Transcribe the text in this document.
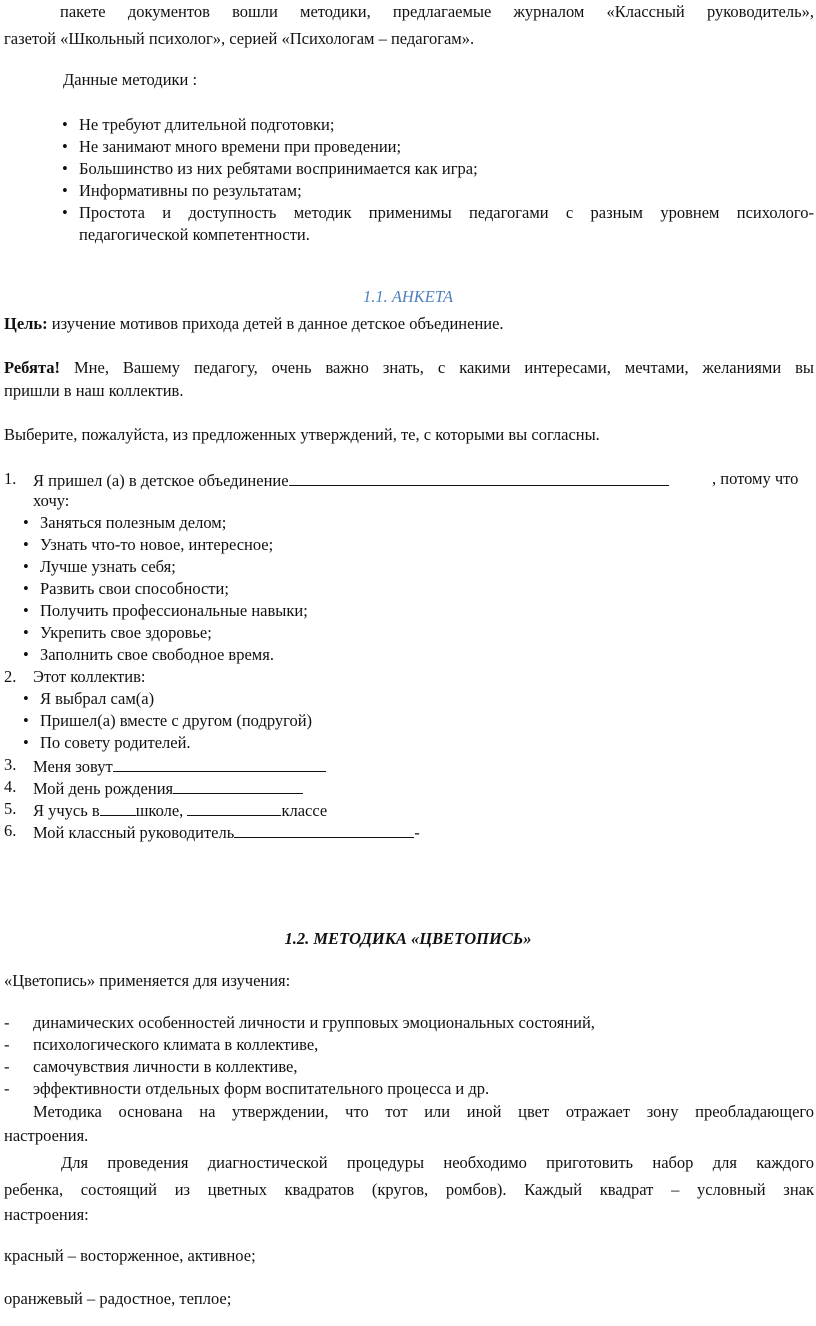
пакете документов вошли методики, предлагаемые журналом «Классный руководитель»,
газетой «Школьный психолог», серией «Психологам – педагогам».
Данные методики :
• Не требуют длительной подготовки;
• Не занимают много времени при проведении;
• Большинство из них ребятами воспринимается как игра;
• Информативны по результатам;
• Простота и доступность методик применимы педагогами с разным уровнем психолого-
педагогической компетентности.
1.1. АНКЕТА
Цель: изучение мотивов прихода детей в данное детское объединение.
Ребята! Мне, Вашему педагогу, очень важно знать, с какими интересами, мечтами, желаниями вы
пришли в наш коллектив.
Выберите, пожалуйста, из предложенных утверждений, те, с которыми вы согласны.
1. Я пришел (а) в детское объединение	, потому что
хочу:
• Заняться полезным делом;
• Узнать что-то новое, интересное;
• Лучше узнать себя;
• Развить свои способности;
• Получить профессиональные навыки;
• Укрепить свое здоровье;
• Заполнить свое свободное время.
2. Этот коллектив:
• Я выбрал сам(а)
• Пришел(а) вместе с другом (подругой)
• По совету родителей.
3. Меня зовут
4. Мой день рождения
5. Я учусь в школе,	классе
6. Мой классный руководитель	-
1.2. МЕТОДИКА «ЦВЕТОПИСЬ»
«Цветопись» применяется для изучения:
- динамических особенностей личности и групповых эмоциональных состояний,
- психологического климата в коллективе,
- самочувствия личности в коллективе,
- эффективности отдельных форм воспитательного процесса и др.
Методика основана на утверждении, что тот или иной цвет отражает зону преобладающего
настроения.
Для проведения диагностической процедуры необходимо приготовить набор для каждого
ребенка, состоящий из цветных квадратов (кругов, ромбов). Каждый квадрат – условный знак
настроения:
красный – восторженное, активное;
оранжевый – радостное, теплое;
